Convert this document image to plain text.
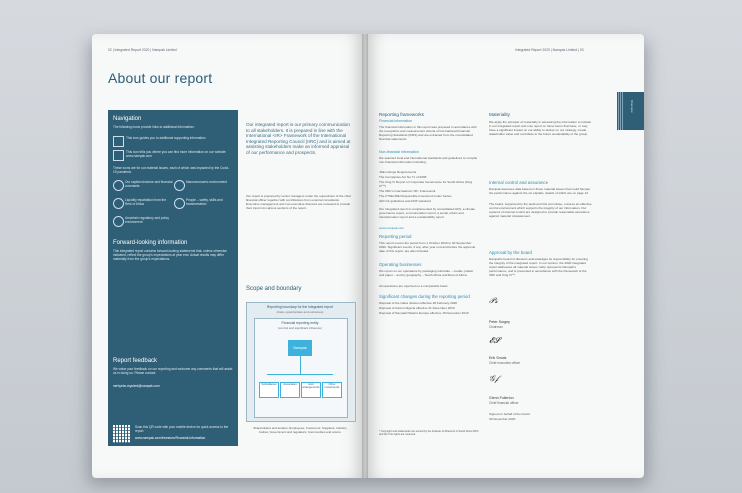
02 | Integrated Report 2020 | Nampak Limited
About our report
Navigation
The following icons provide links to additional information:
This icon guides you to additional supporting information
This icon tells you where you can find more information on our website: www.nampak.com
These icons are for our material issues, each of which was impacted by the Covid-19 pandemic
Our capital structure and financial covenants
Macroeconomic environment
Liquidity repatriation from the Rest of Africa
People – safety, skills and transformation
Uncertain regulatory and policy environment
Forward-looking information
This integrated report contains forward-looking statements that, unless otherwise indicated, reflect the group's expectations at year end. Actual results may differ materially from the group's expectations.
Report feedback
We value your feedback on our reporting and welcome any comments that will assist us in doing so. Please contact
nerhyebo.myuleni@nampak.com
Scan this QR code with your mobile device for quick access to the report.
www.nampak.com/Investors/Financial-Information
Our integrated report is our primary communication to all stakeholders. It is prepared in line with the International <IR> Framework of the International Integrated Reporting Council (IIRC) and is aimed at assisting stakeholders make an informed appraisal of our performance and prospects.
Our report is prepared by senior managers under the supervision of the chief financial officer together with contributions from external consultants. Executive management and non-executive directors are reviewed to provide their input into various sections of the report.
Scope and boundary
Reporting boundary for the integrated report
(risks, opportunities and outcomes)
Financial reporting entity
(control and significant influence)
Nampak
Subsidiaries	Associates	Joint arrangements
Other investments
Shareholders and lenders; Employees; Customers; Suppliers; Industry bodies; Government and regulators; Communities and unions
Integrated Report 2020 | Nampak Limited | 03
Overview
Reporting frameworks
Financial information
The financial information in this report was prepared in accordance with the recognition and measurement criteria of International Financial Reporting Standards (IFRS) and are extracted from the consolidated financial statements.
Non-financial information
We selected local and international standards and guidelines to compile non-financial information including:
JSE Listings Requirements
The Companies Act No 71 of 2008
The King IV Report on Corporate Governance for South Africa (King IV™)
The IIRC's International <IR> Framework
The FTSE/JSE Responsible Investment Index Series
GRI G4 guidelines and CDP standard
Our integrated report is complemented by consolidated AFS, a climate governance report, a remuneration report, a social, ethics and transformation report and a sustainability report.
www.nampak.com
Reporting period
This report covers the period from 1 October 2019 to 30 September 2020. Significant events, if any, after year end and before the approval date of this report, are also included.
Operating businesses
We report on our operations by packaging substrate – metals, plastic and paper – and by geography – South Africa and Rest of Africa.
All operations are reported on a comparable basis.
Significant changes during the reporting period
Disposal of the Glass division effective 28 February 2020
Disposal of Carton Nigeria effective 31 December 2019
Disposal of Nampak Plastics Europe effective 15 December 2019
* Copyright and trademarks are owned by the Institute of Directors in South Africa NPC and all of its rights are reserved.
Materiality
We apply the principle of materiality in assessing the information to include in our integrated report and only report on those items that have, or may have a significant impact on our ability to deliver on our strategy, create stakeholder value and contribute to the future sustainability of the group.
Internal control and assurance
Nampak assesses data based on those material issues that could hamper the performance against the six capitals, details of which are on page 12.
The board, supported by the audit and risk committee, ensures an effective control environment which supports the integrity of our information. Our systems of internal control are designed to provide reasonable assurance against material misstatement.
Approval by the board
Nampak's board of directors acknowledges its responsibility for ensuring the integrity of the integrated report. In our opinion, the 2020 integrated report addresses all material issues, fairly represents Nampak's performance, and is presented in accordance with the framework of the IIRC and King IV™.
𝒫𝓈
Peter Surgey
Chairman
𝓔𝓢
Erik Smuts
Chief executive officer
𝒢𝒻
Glenn Fullerton
Chief financial officer
Signed on behalf of the board
30 November 2020
